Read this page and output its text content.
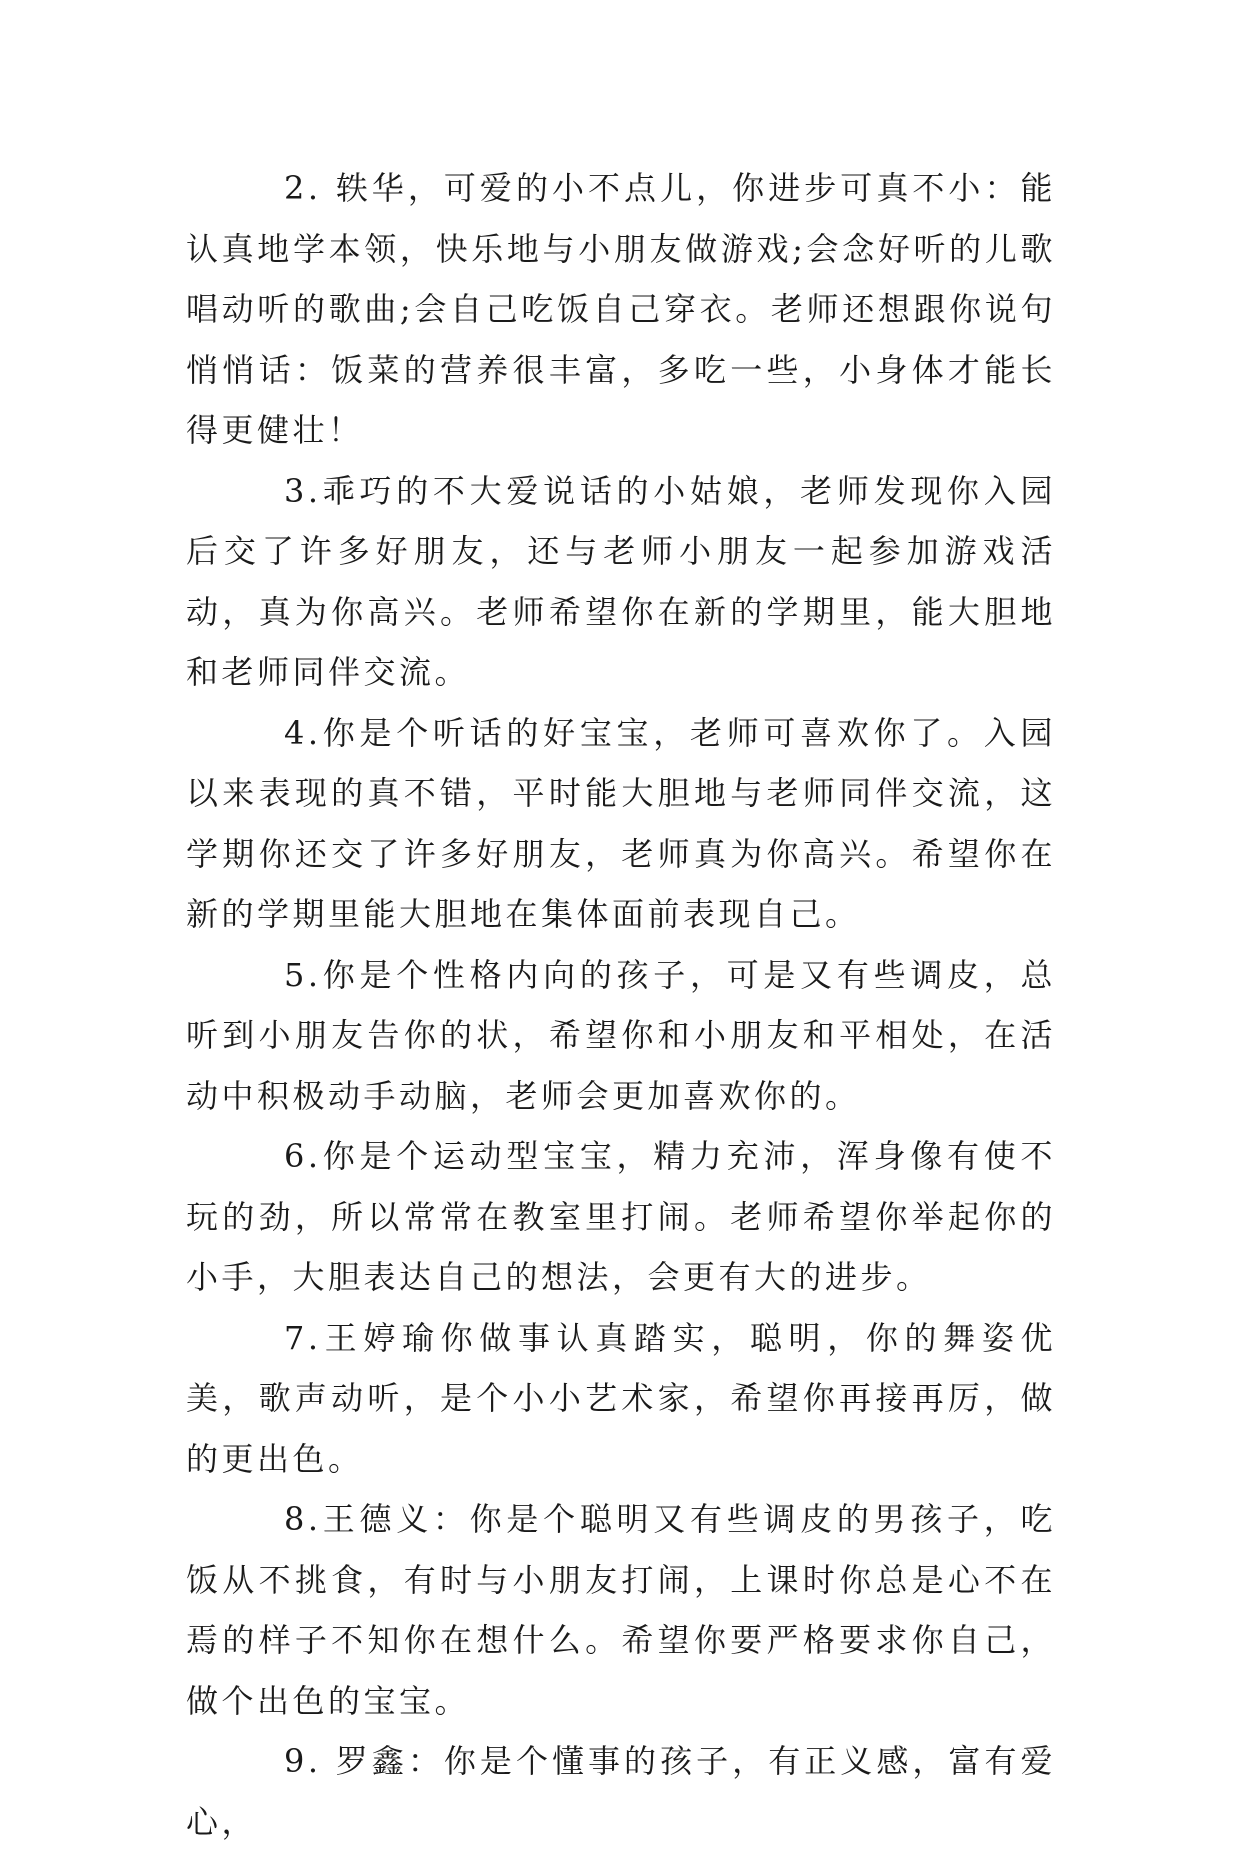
2. 轶华，可爱的小不点儿，你进步可真不小：能认真地学本领，快乐地与小朋友做游戏;会念好听的儿歌唱动听的歌曲;会自己吃饭自己穿衣。老师还想跟你说句悄悄话：饭菜的营养很丰富，多吃一些，小身体才能长得更健壮！

3.乖巧的不大爱说话的小姑娘，老师发现你入园后交了许多好朋友，还与老师小朋友一起参加游戏活动，真为你高兴。老师希望你在新的学期里，能大胆地和老师同伴交流。

4.你是个听话的好宝宝，老师可喜欢你了。入园以来表现的真不错，平时能大胆地与老师同伴交流，这学期你还交了许多好朋友，老师真为你高兴。希望你在新的学期里能大胆地在集体面前表现自己。

5.你是个性格内向的孩子，可是又有些调皮，总听到小朋友告你的状，希望你和小朋友和平相处，在活动中积极动手动脑，老师会更加喜欢你的。

6.你是个运动型宝宝，精力充沛，浑身像有使不玩的劲，所以常常在教室里打闹。老师希望你举起你的小手，大胆表达自己的想法，会更有大的进步。

7.王婷瑜你做事认真踏实，聪明，你的舞姿优美，歌声动听，是个小小艺术家，希望你再接再厉，做的更出色。

8.王德义：你是个聪明又有些调皮的男孩子，吃饭从不挑食，有时与小朋友打闹，上课时你总是心不在焉的样子不知你在想什么。希望你要严格要求你自己，做个出色的宝宝。

9. 罗鑫：你是个懂事的孩子，有正义感，富有爱心，
